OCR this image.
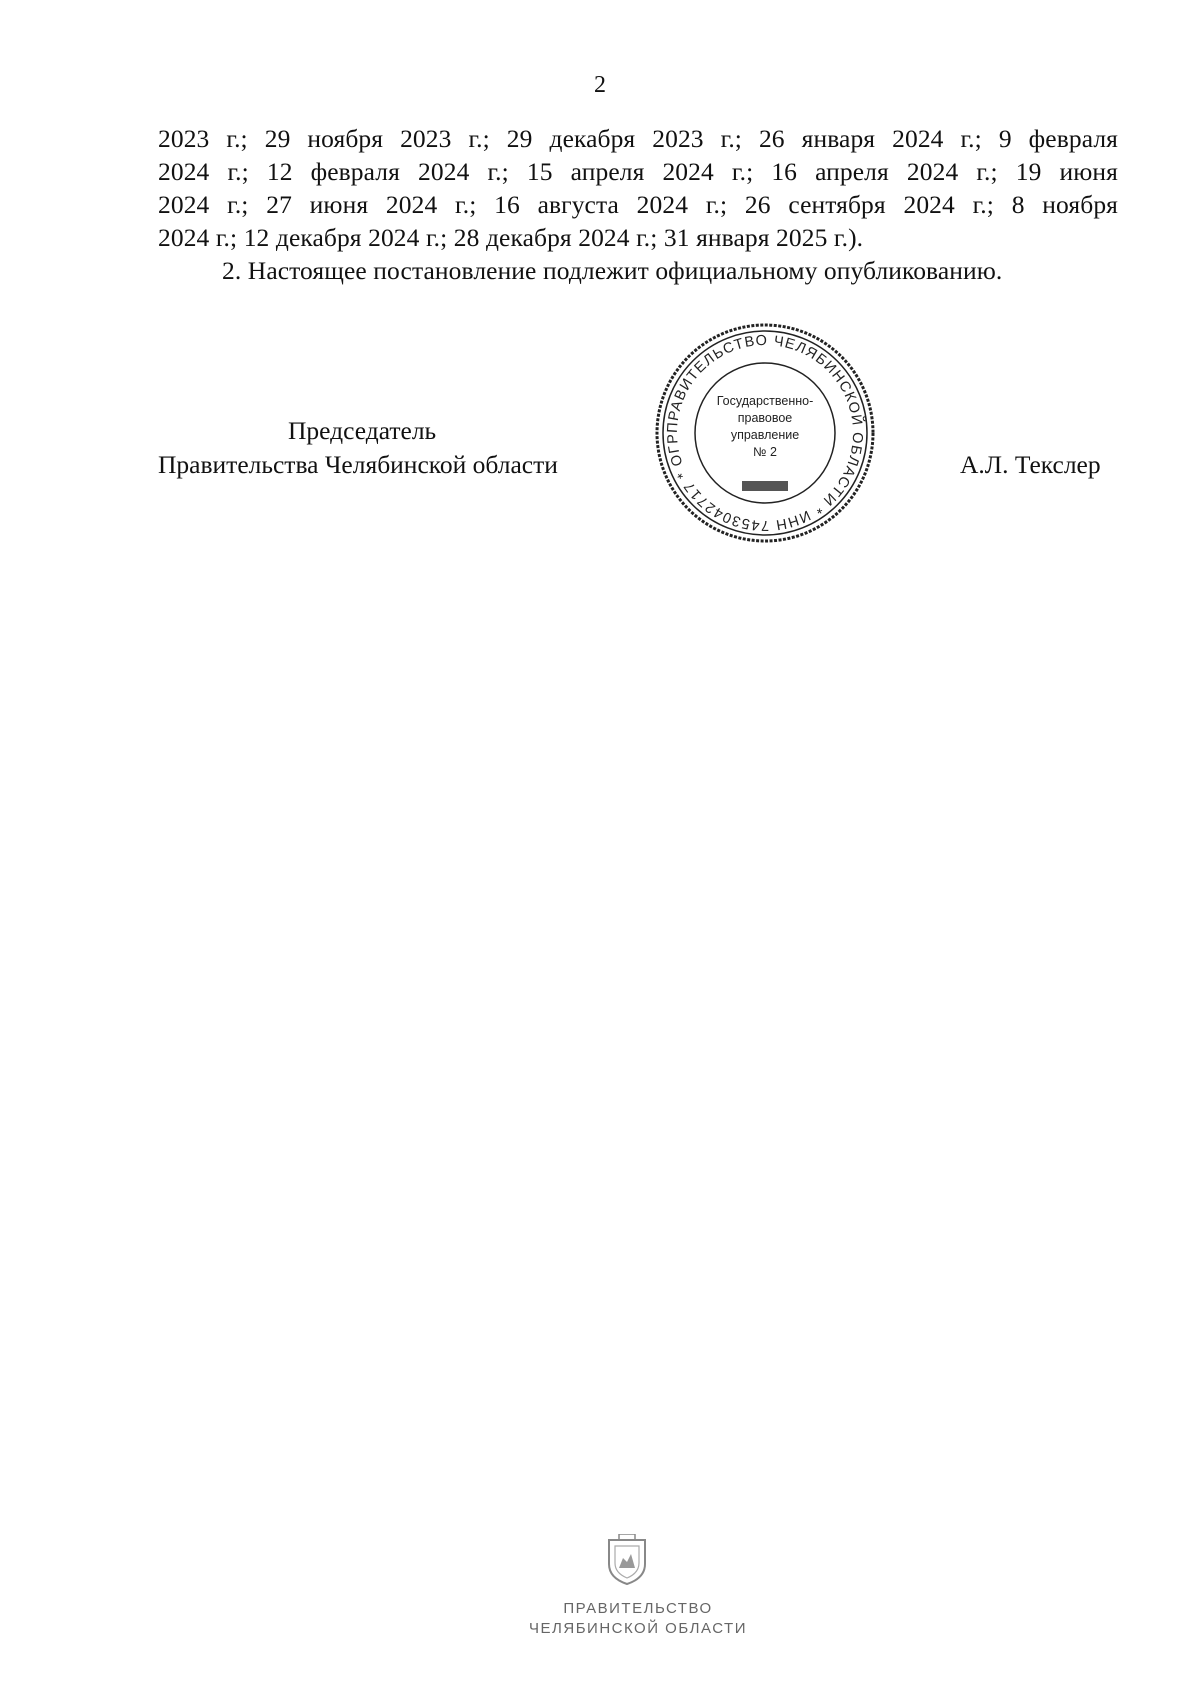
2

2023 г.; 29 ноября 2023 г.; 29 декабря 2023 г.; 26 января 2024 г.; 9 февраля

2024 г.; 12 февраля 2024 г.; 15 апреля 2024 г.; 16 апреля 2024 г.; 19 июня

2024 г.; 27 июня 2024 г.; 16 августа 2024 г.; 26 сентября 2024 г.; 8 ноября

2024 г.; 12 декабря 2024 г.; 28 декабря 2024 г.; 31 января 2025 г.).

2. Настоящее постановление подлежит официальному опубликованию.

Председатель
Правительства Челябинской области
ПРАВИТЕЛЬСТВО ЧЕЛЯБИНСКОЙ ОБЛАСТИ * ИНН 7453042717 * ОГР
Государственно-
правовое
управление
№ 2	А.Л. Текслер
ПРАВИТЕЛЬСТВО
ЧЕЛЯБИНСКОЙ ОБЛАСТИ
